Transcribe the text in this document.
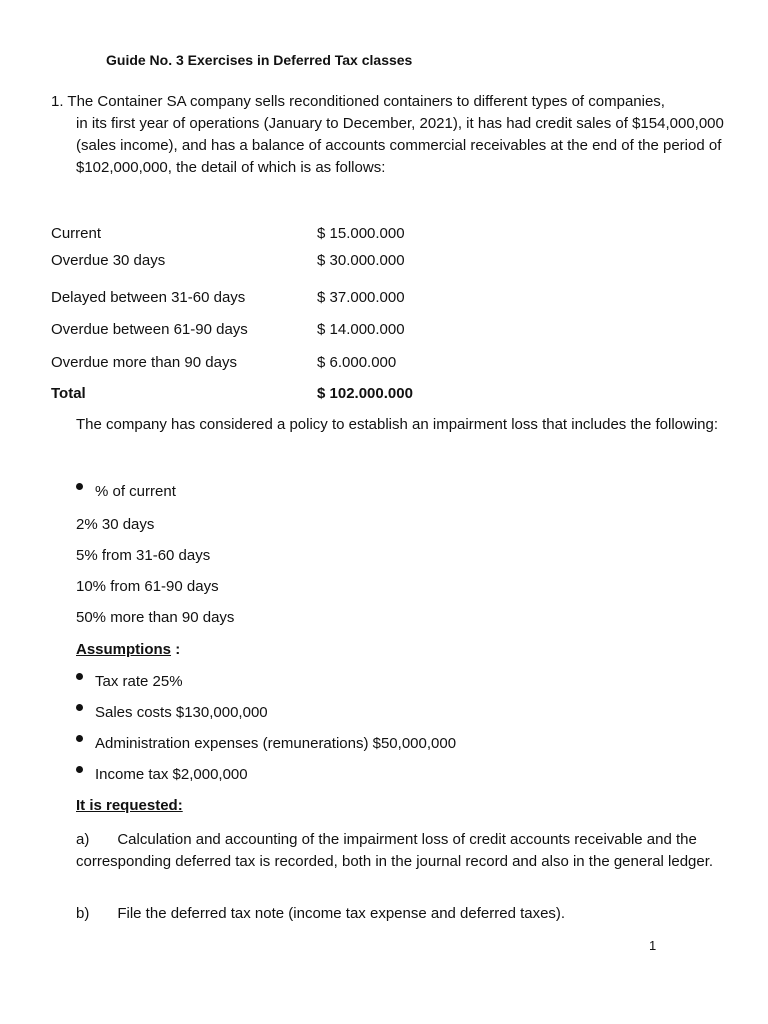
Guide No. 3 Exercises in Deferred Tax classes
1. The Container SA company sells reconditioned containers to different types of companies,
in its first year of operations (January to December, 2021), it has had credit sales of $154,000,000 (sales income), and has a balance of accounts commercial receivables at the end of the period of $102,000,000, the detail of which is as follows:
Current	$ 15.000.000
Overdue 30 days	$ 30.000.000
Delayed between 31-60 days	$ 37.000.000
Overdue between 61-90 days	$ 14.000.000
Overdue more than 90 days	$ 6.000.000
Total	$ 102.000.000
The company has considered a policy to establish an impairment loss that includes the following:
% of current
2% 30 days
5% from 31-60 days
10% from 61-90 days
50% more than 90 days
Assumptions :
Tax rate 25%
Sales costs $130,000,000
Administration expenses (remunerations) $50,000,000
Income tax $2,000,000
It is requested:
a) Calculation and accounting of the impairment loss of credit accounts receivable and the corresponding deferred tax is recorded, both in the journal record and also in the general ledger.
b) File the deferred tax note (income tax expense and deferred taxes).
1
